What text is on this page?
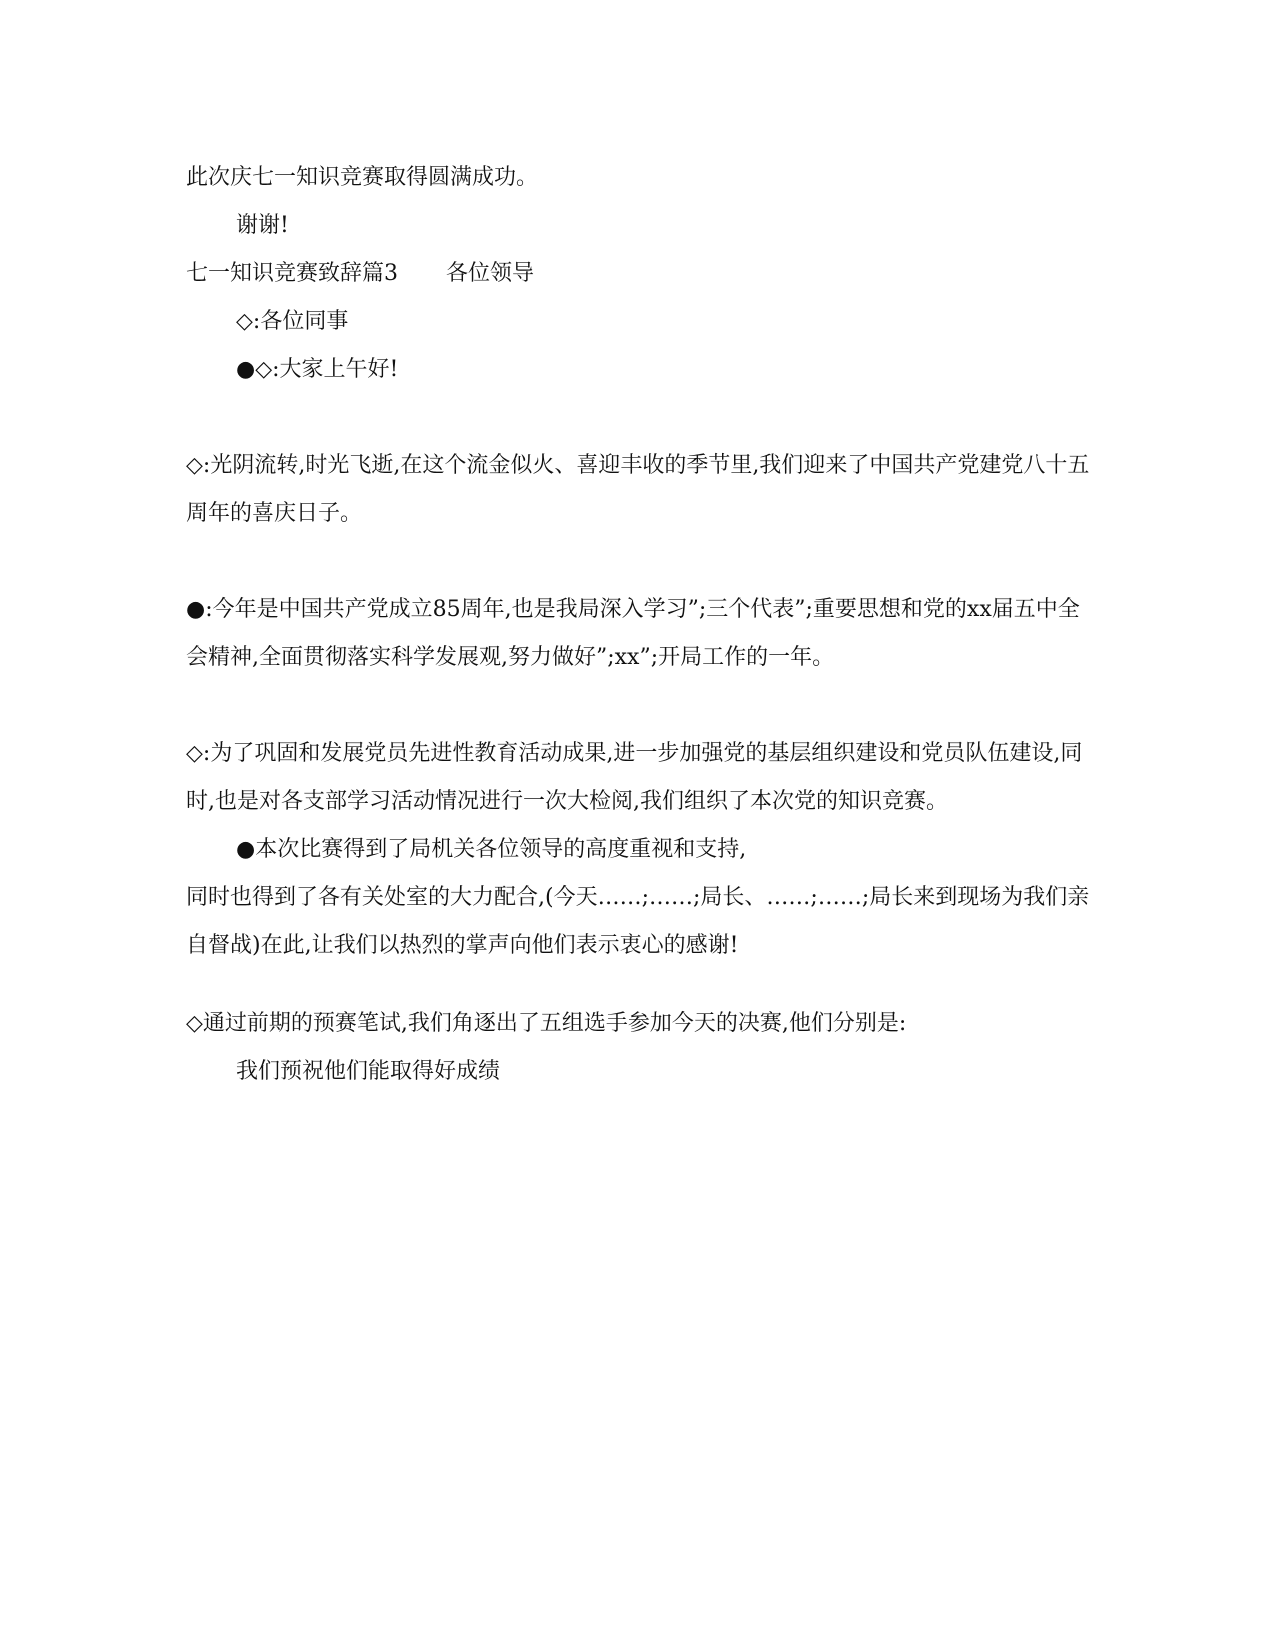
此次庆七一知识竞赛取得圆满成功。

谢谢!

七一知识竞赛致辞篇3 各位领导

◇:各位同事

●◇:大家上午好!

◇:光阴流转,时光飞逝,在这个流金似火、喜迎丰收的季节里,我们迎来了中国共产党建党八十五周年的喜庆日子。

●:今年是中国共产党成立85周年,也是我局深入学习”;三个代表”;重要思想和党的xx届五中全会精神,全面贯彻落实科学发展观,努力做好”;xx”;开局工作的一年。

◇:为了巩固和发展党员先进性教育活动成果,进一步加强党的基层组织建设和党员队伍建设,同时,也是对各支部学习活动情况进行一次大检阅,我们组织了本次党的知识竞赛。

●本次比赛得到了局机关各位领导的高度重视和支持,

同时也得到了各有关处室的大力配合,(今天……;……;局长、……;……;局长来到现场为我们亲自督战)在此,让我们以热烈的掌声向他们表示衷心的感谢!

◇通过前期的预赛笔试,我们角逐出了五组选手参加今天的决赛,他们分别是:

我们预祝他们能取得好成绩
